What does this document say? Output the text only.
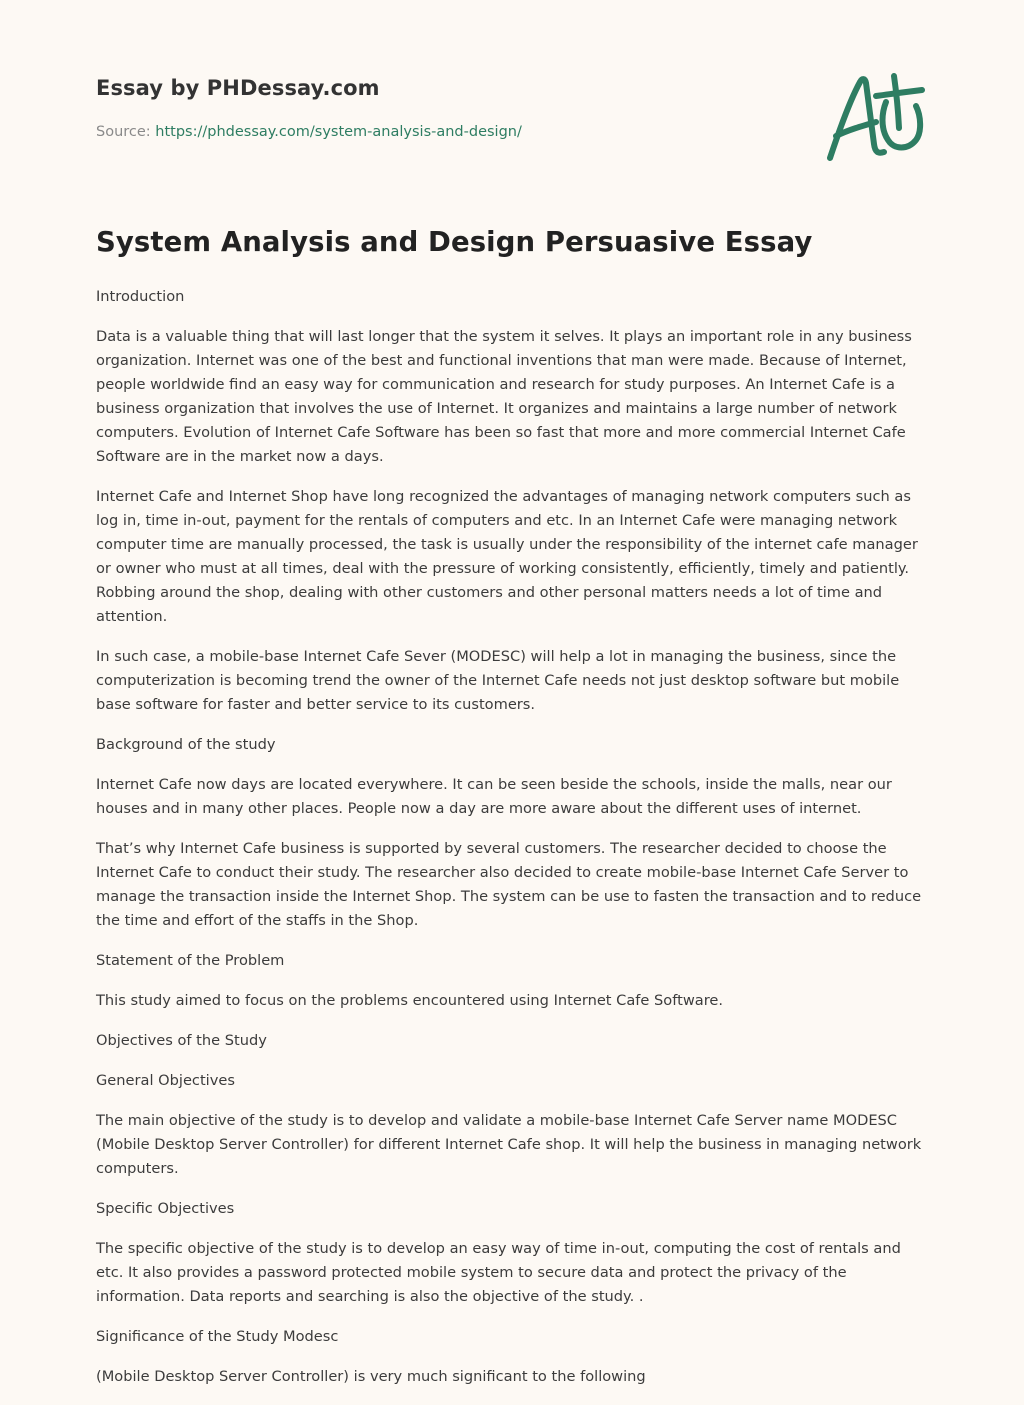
Essay by PHDessay.com

Source: https://phdessay.com/system-analysis-and-design/

System Analysis and Design Persuasive Essay

Introduction

Data is a valuable thing that will last longer that the system it selves. It plays an important role in any business organization. Internet was one of the best and functional inventions that man were made. Because of Internet, people worldwide find an easy way for communication and research for study purposes. An Internet Cafe is a business organization that involves the use of Internet. It organizes and maintains a large number of network computers. Evolution of Internet Cafe Software has been so fast that more and more commercial Internet Cafe Software are in the market now a days.

Internet Cafe and Internet Shop have long recognized the advantages of managing network computers such as log in, time in-out, payment for the rentals of computers and etc. In an Internet Cafe were managing network computer time are manually processed, the task is usually under the responsibility of the internet cafe manager or owner who must at all times, deal with the pressure of working consistently, efficiently, timely and patiently. Robbing around the shop, dealing with other customers and other personal matters needs a lot of time and attention.

In such case, a mobile-base Internet Cafe Sever (MODESC) will help a lot in managing the business, since the computerization is becoming trend the owner of the Internet Cafe needs not just desktop software but mobile base software for faster and better service to its customers.

Background of the study

Internet Cafe now days are located everywhere. It can be seen beside the schools, inside the malls, near our houses and in many other places. People now a day are more aware about the different uses of internet.

That’s why Internet Cafe business is supported by several customers. The researcher decided to choose the Internet Cafe to conduct their study. The researcher also decided to create mobile-base Internet Cafe Server to manage the transaction inside the Internet Shop. The system can be use to fasten the transaction and to reduce the time and effort of the staffs in the Shop.

Statement of the Problem

This study aimed to focus on the problems encountered using Internet Cafe Software.

Objectives of the Study

General Objectives

The main objective of the study is to develop and validate a mobile-base Internet Cafe Server name MODESC (Mobile Desktop Server Controller) for different Internet Cafe shop. It will help the business in managing network computers.

Specific Objectives

The specific objective of the study is to develop an easy way of time in-out, computing the cost of rentals and etc. It also provides a password protected mobile system to secure data and protect the privacy of the information. Data reports and searching is also the objective of the study. .

Significance of the Study Modesc

(Mobile Desktop Server Controller) is very much significant to the following
